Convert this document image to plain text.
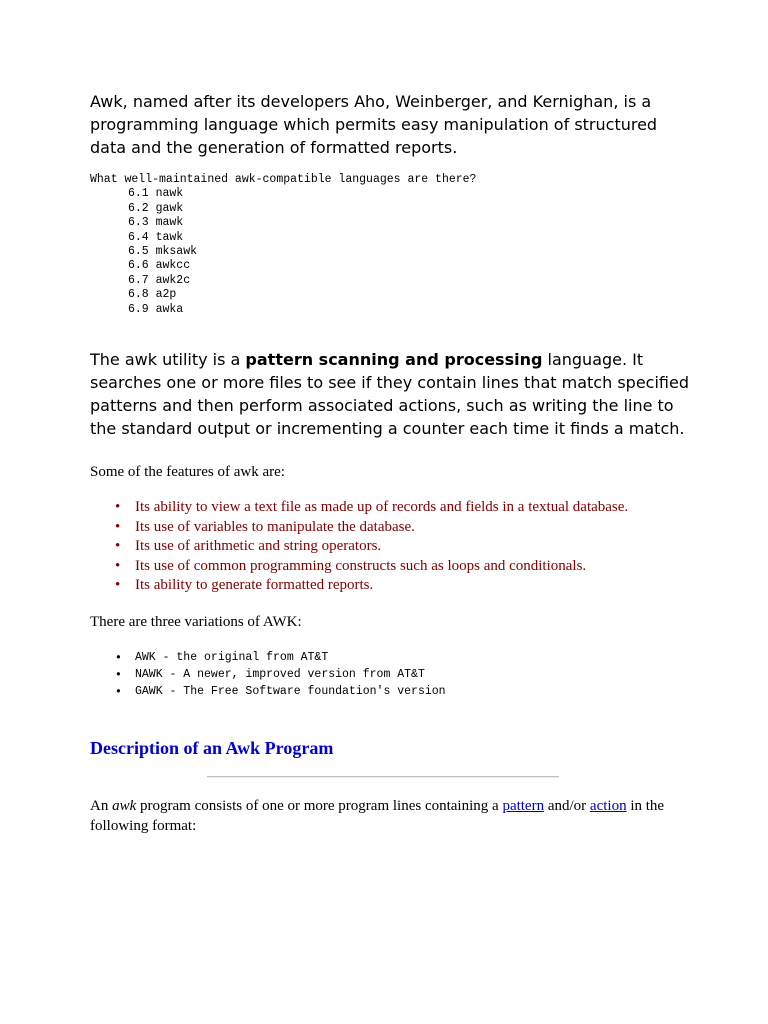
Awk, named after its developers Aho, Weinberger, and Kernighan, is a programming language which permits easy manipulation of structured data and the generation of formatted reports.

What well-maintained awk-compatible languages are there?
6.1 nawk
6.2 gawk
6.3 mawk
6.4 tawk
6.5 mksawk
6.6 awkcc
6.7 awk2c
6.8 a2p
6.9 awka

The awk utility is a pattern scanning and processing language. It searches one or more files to see if they contain lines that match specified patterns and then perform associated actions, such as writing the line to the standard output or incrementing a counter each time it finds a match.

Some of the features of awk are:

• Its ability to view a text file as made up of records and fields in a textual database.
• Its use of variables to manipulate the database.
• Its use of arithmetic and string operators.
• Its use of common programming constructs such as loops and conditionals.
• Its ability to generate formatted reports.

There are three variations of AWK:

• AWK - the original from AT&T
• NAWK - A newer, improved version from AT&T
• GAWK - The Free Software foundation's version
Description of an Awk Program

An awk program consists of one or more program lines containing a pattern and/or action in the following format:
